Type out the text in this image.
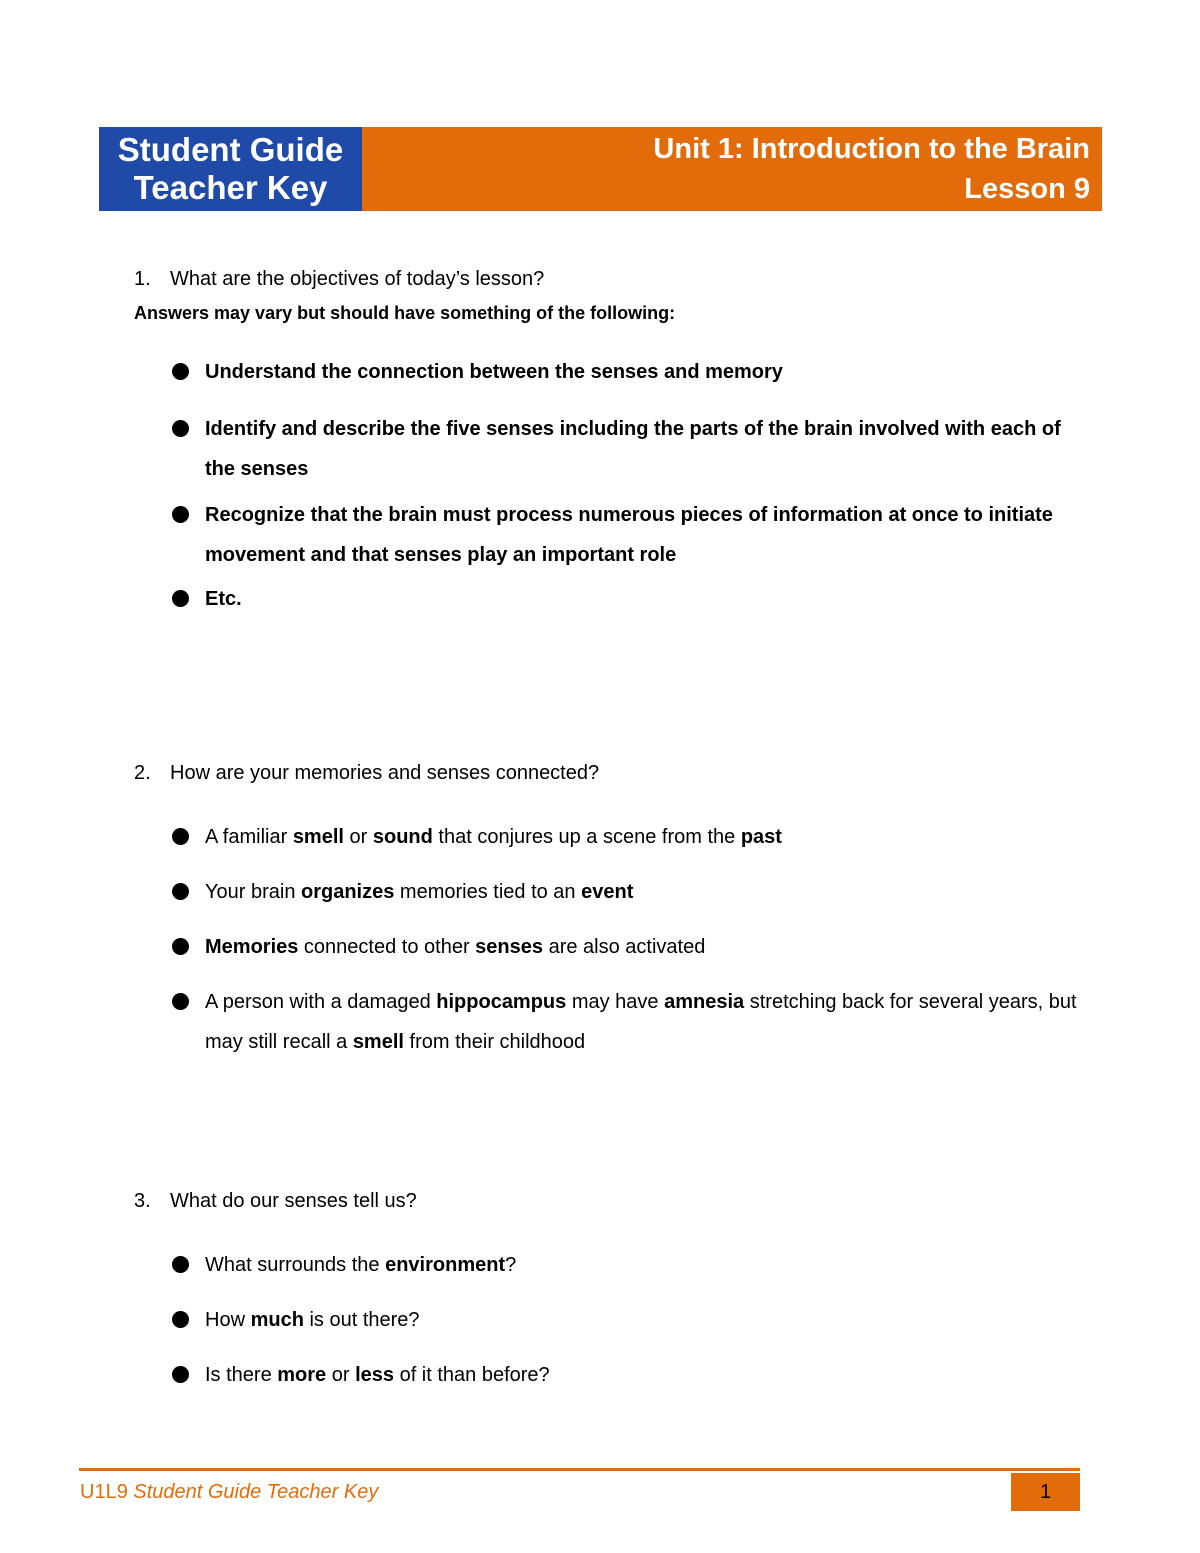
Student Guide
Teacher Key
Unit 1: Introduction to the Brain
Lesson 9
1. What are the objectives of today’s lesson?
Answers may vary but should have something of the following:
Understand the connection between the senses and memory
Identify and describe the five senses including the parts of the brain involved with each of the senses
Recognize that the brain must process numerous pieces of information at once to initiate movement and that senses play an important role
Etc.
2. How are your memories and senses connected?
A familiar smell or sound that conjures up a scene from the past
Your brain organizes memories tied to an event
Memories connected to other senses are also activated
A person with a damaged hippocampus may have amnesia stretching back for several years, but may still recall a smell from their childhood
3. What do our senses tell us?
What surrounds the environment?
How much is out there?
Is there more or less of it than before?
U1L9 Student Guide Teacher Key	1
